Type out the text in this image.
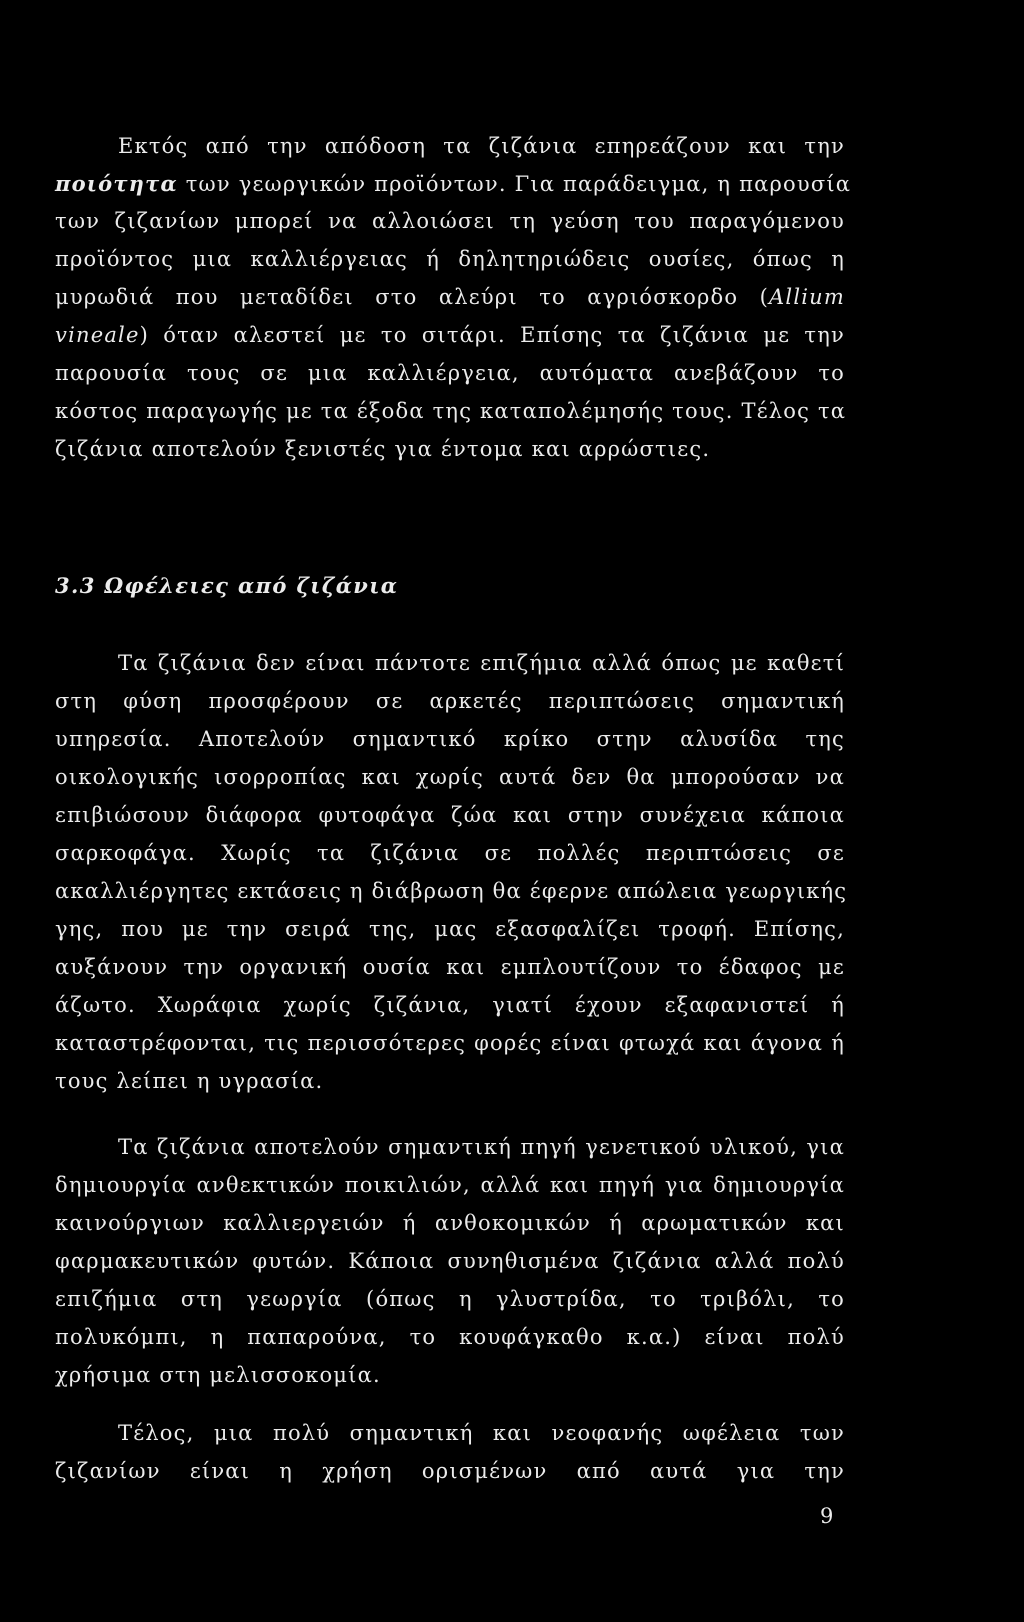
Εκτός από την απόδοση τα ζιζάνια επηρεάζουν και την
ποιότητα των γεωργικών προϊόντων. Για παράδειγμα, η παρουσία
των ζιζανίων μπορεί να αλλοιώσει τη γεύση του παραγόμενου
προϊόντος μια καλλιέργειας ή δηλητηριώδεις ουσίες, όπως η
μυρωδιά που μεταδίδει στο αλεύρι το αγριόσκορδο (Allium
vineale) όταν αλεστεί με το σιτάρι. Επίσης τα ζιζάνια με την
παρουσία τους σε μια καλλιέργεια, αυτόματα ανεβάζουν το
κόστος παραγωγής με τα έξοδα της καταπολέμησής τους. Τέλος τα
ζιζάνια αποτελούν ξενιστές για έντομα και αρρώστιες.
3.3 Ωφέλειες από ζιζάνια
Τα ζιζάνια δεν είναι πάντοτε επιζήμια αλλά όπως με καθετί
στη φύση προσφέρουν σε αρκετές περιπτώσεις σημαντική
υπηρεσία. Αποτελούν σημαντικό κρίκο στην αλυσίδα της
οικολογικής ισορροπίας και χωρίς αυτά δεν θα μπορούσαν να
επιβιώσουν διάφορα φυτοφάγα ζώα και στην συνέχεια κάποια
σαρκοφάγα. Χωρίς τα ζιζάνια σε πολλές περιπτώσεις σε
ακαλλιέργητες εκτάσεις η διάβρωση θα έφερνε απώλεια γεωργικής
γης, που με την σειρά της, μας εξασφαλίζει τροφή. Επίσης,
αυξάνουν την οργανική ουσία και εμπλουτίζουν το έδαφος με
άζωτο. Χωράφια χωρίς ζιζάνια, γιατί έχουν εξαφανιστεί ή
καταστρέφονται, τις περισσότερες φορές είναι φτωχά και άγονα ή
τους λείπει η υγρασία.
Τα ζιζάνια αποτελούν σημαντική πηγή γενετικού υλικού, για
δημιουργία ανθεκτικών ποικιλιών, αλλά και πηγή για δημιουργία
καινούργιων καλλιεργειών ή ανθοκομικών ή αρωματικών και
φαρμακευτικών φυτών. Κάποια συνηθισμένα ζιζάνια αλλά πολύ
επιζήμια στη γεωργία (όπως η γλυστρίδα, το τριβόλι, το
πολυκόμπι, η παπαρούνα, το κουφάγκαθο κ.α.) είναι πολύ
χρήσιμα στη μελισσοκομία.
Τέλος, μια πολύ σημαντική και νεοφανής ωφέλεια των
ζιζανίων είναι η χρήση ορισμένων από αυτά για την
9
